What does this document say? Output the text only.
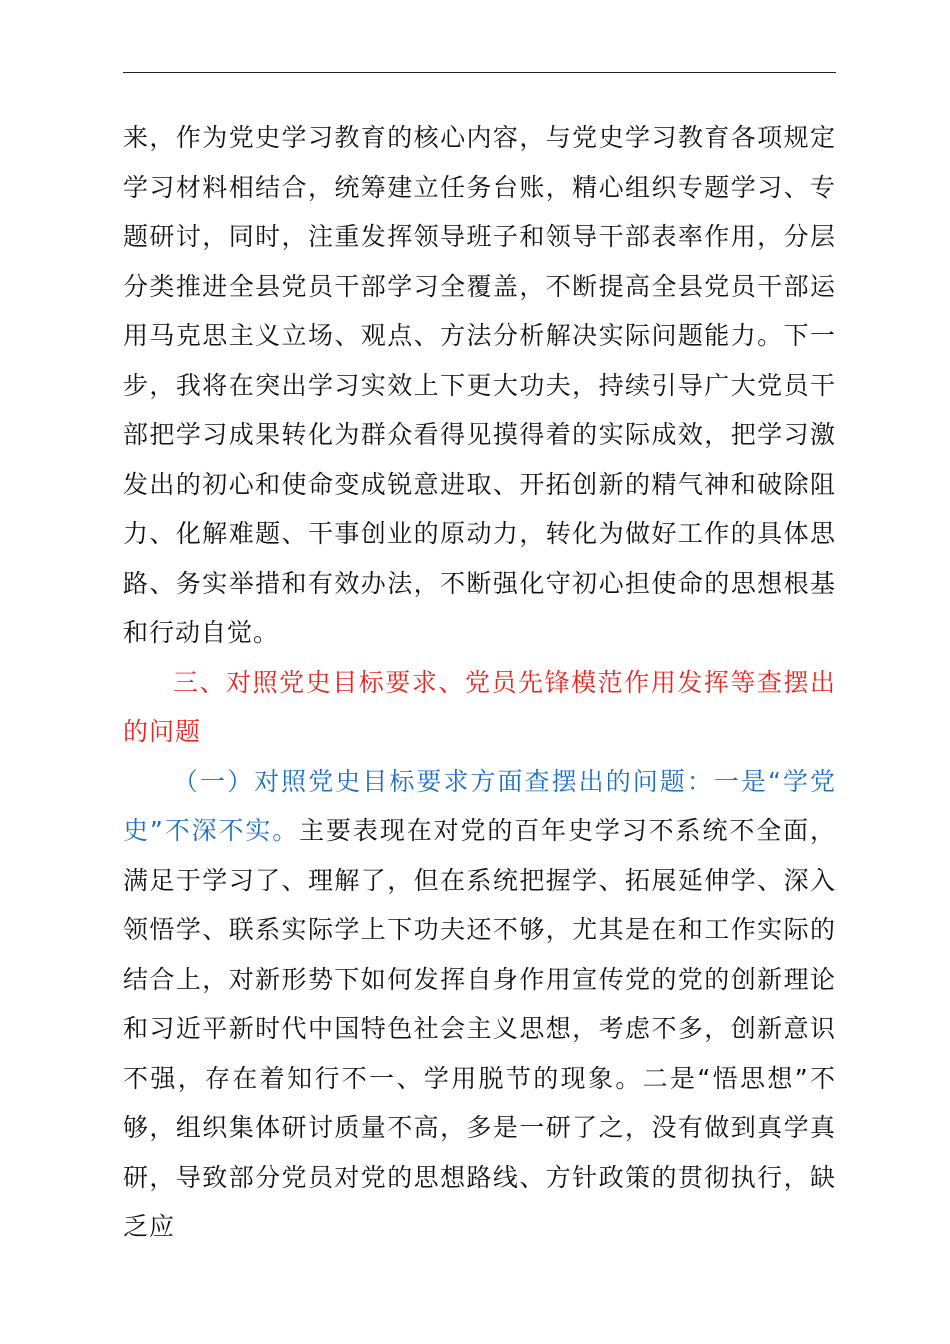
来，作为党史学习教育的核心内容，与党史学习教育各项规定学习材料相结合，统筹建立任务台账，精心组织专题学习、专题研讨，同时，注重发挥领导班子和领导干部表率作用，分层分类推进全县党员干部学习全覆盖，不断提高全县党员干部运用马克思主义立场、观点、方法分析解决实际问题能力。下一步，我将在突出学习实效上下更大功夫，持续引导广大党员干部把学习成果转化为群众看得见摸得着的实际成效，把学习激发出的初心和使命变成锐意进取、开拓创新的精气神和破除阻力、化解难题、干事创业的原动力，转化为做好工作的具体思路、务实举措和有效办法，不断强化守初心担使命的思想根基和行动自觉。

三、对照党史目标要求、党员先锋模范作用发挥等查摆出的问题

（一）对照党史目标要求方面查摆出的问题：一是“学党史”不深不实。主要表现在对党的百年史学习不系统不全面，满足于学习了、理解了，但在系统把握学、拓展延伸学、深入领悟学、联系实际学上下功夫还不够，尤其是在和工作实际的结合上，对新形势下如何发挥自身作用宣传党的党的创新理论和习近平新时代中国特色社会主义思想，考虑不多，创新意识不强，存在着知行不一、学用脱节的现象。二是“悟思想”不够，组织集体研讨质量不高，多是一研了之，没有做到真学真研，导致部分党员对党的思想路线、方针政策的贯彻执行，缺乏应
